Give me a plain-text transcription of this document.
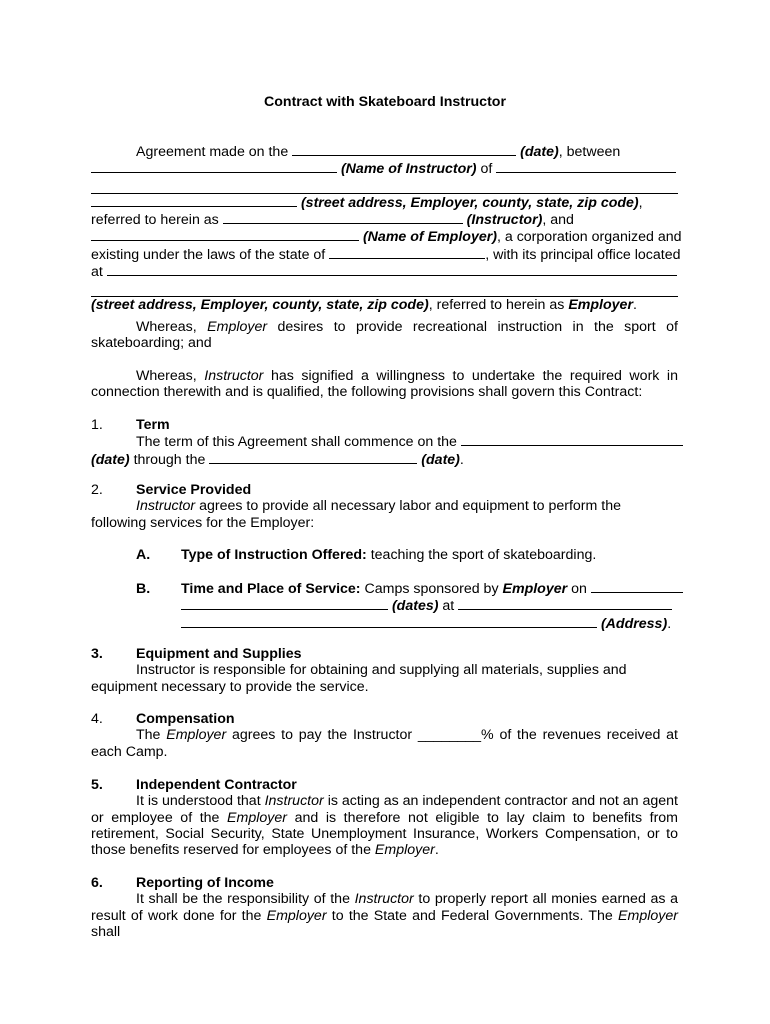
Contract with Skateboard Instructor
Agreement made on the	(date), between
(Name of Instructor) of
(street address, Employer, county, state, zip code),
referred to herein as	(Instructor), and
(Name of Employer), a corporation organized and
existing under the laws of the state of	, with its principal office located
at
(street address, Employer, county, state, zip code), referred to herein as Employer.
Whereas, Employer desires to provide recreational instruction in the sport of skateboarding; and
Whereas, Instructor has signified a willingness to undertake the required work in connection therewith and is qualified, the following provisions shall govern this Contract:
1. Term
The term of this Agreement shall commence on the
(date) through the	(date).
2. Service Provided
Instructor agrees to provide all necessary labor and equipment to perform the following services for the Employer:
A. Type of Instruction Offered: teaching the sport of skateboarding.
B. Time and Place of Service: Camps sponsored by Employer on
(dates) at
(Address).
3. Equipment and Supplies
Instructor is responsible for obtaining and supplying all materials, supplies and equipment necessary to provide the service.
4. Compensation
The Employer agrees to pay the Instructor ________% of the revenues received at each Camp.
5. Independent Contractor
It is understood that Instructor is acting as an independent contractor and not an agent or employee of the Employer and is therefore not eligible to lay claim to benefits from retirement, Social Security, State Unemployment Insurance, Workers Compensation, or to those benefits reserved for employees of the Employer.
6. Reporting of Income
It shall be the responsibility of the Instructor to properly report all monies earned as a result of work done for the Employer to the State and Federal Governments. The Employer shall
